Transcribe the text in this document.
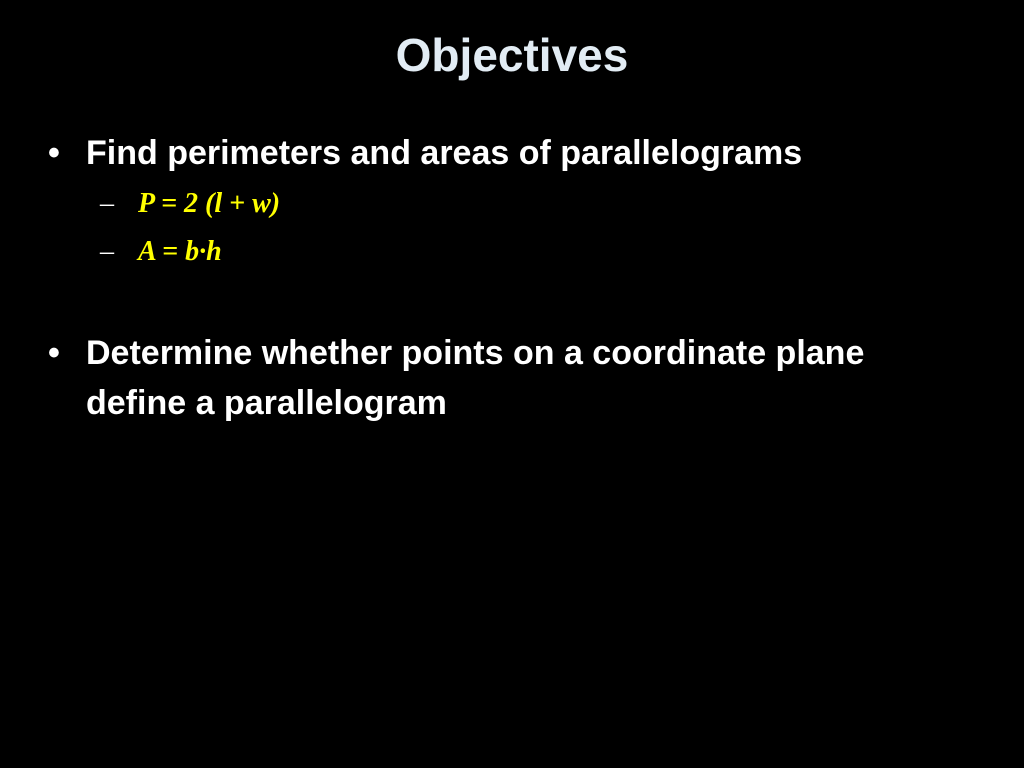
Objectives
• Find perimeters and areas of parallelograms
– P = 2 (l + w)
– A = b·h
• Determine whether points on a coordinate plane define a parallelogram
